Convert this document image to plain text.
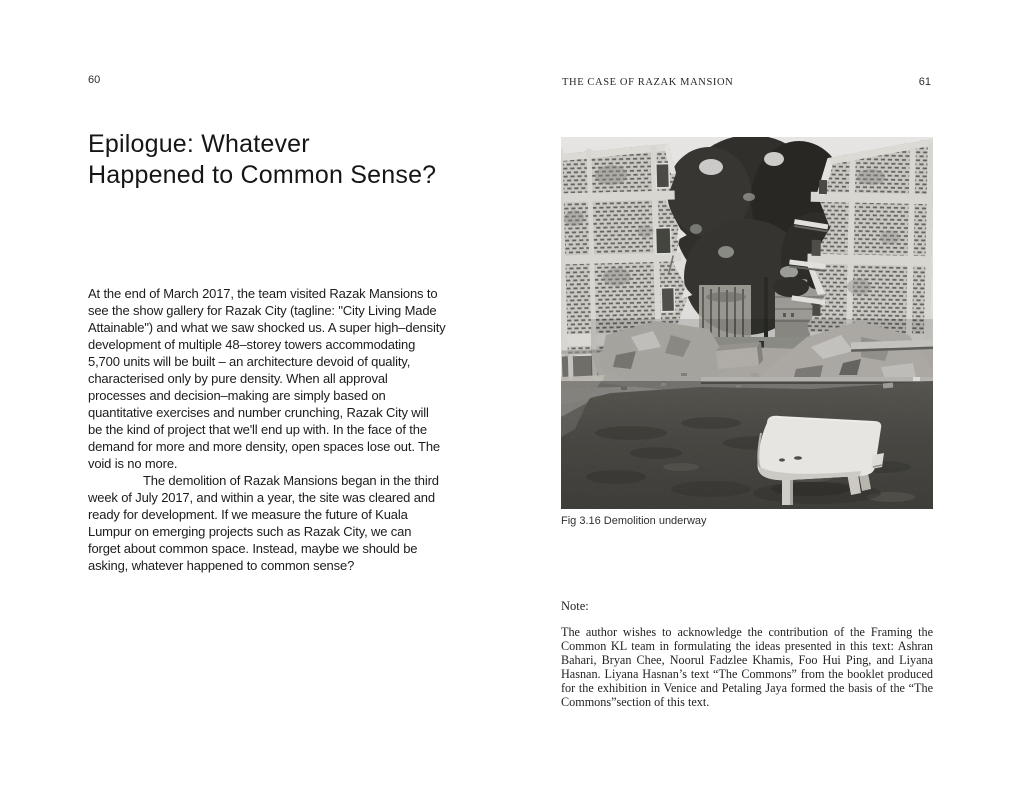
60
Epilogue: Whatever
Happened to Common Sense?

At the end of March 2017, the team visited Razak Mansions to see the show gallery for Razak City (tagline: "City Living Made Attainable") and what we saw shocked us. A super high–density development of multiple 48–storey towers accommodating 5,700 units will be built – an architecture devoid of quality, characterised only by pure density. When all approval processes and decision–making are simply based on quantitative exercises and number crunching, Razak City will be the kind of project that we'll end up with. In the face of the demand for more and more density, open spaces lose out. The void is no more.

The demolition of Razak Mansions began in the third week of July 2017, and within a year, the site was cleared and ready for development. If we measure the future of Kuala Lumpur on emerging projects such as Razak City, we can forget about common space. Instead, maybe we should be asking, whatever happened to common sense?

THE CASE OF RAZAK MANSION	61
Fig 3.16 Demolition underway
Note:

The author wishes to acknowledge the contribution of the Framing the Common KL team in formulating the ideas presented in this text: Ashran Bahari, Bryan Chee, Noorul Fadzlee Khamis, Foo Hui Ping, and Liyana Hasnan. Liyana Hasnan’s text “The Commons” from the booklet produced for the exhibition in Venice and Petaling Jaya formed the basis of the “The Commons”section of this text.
